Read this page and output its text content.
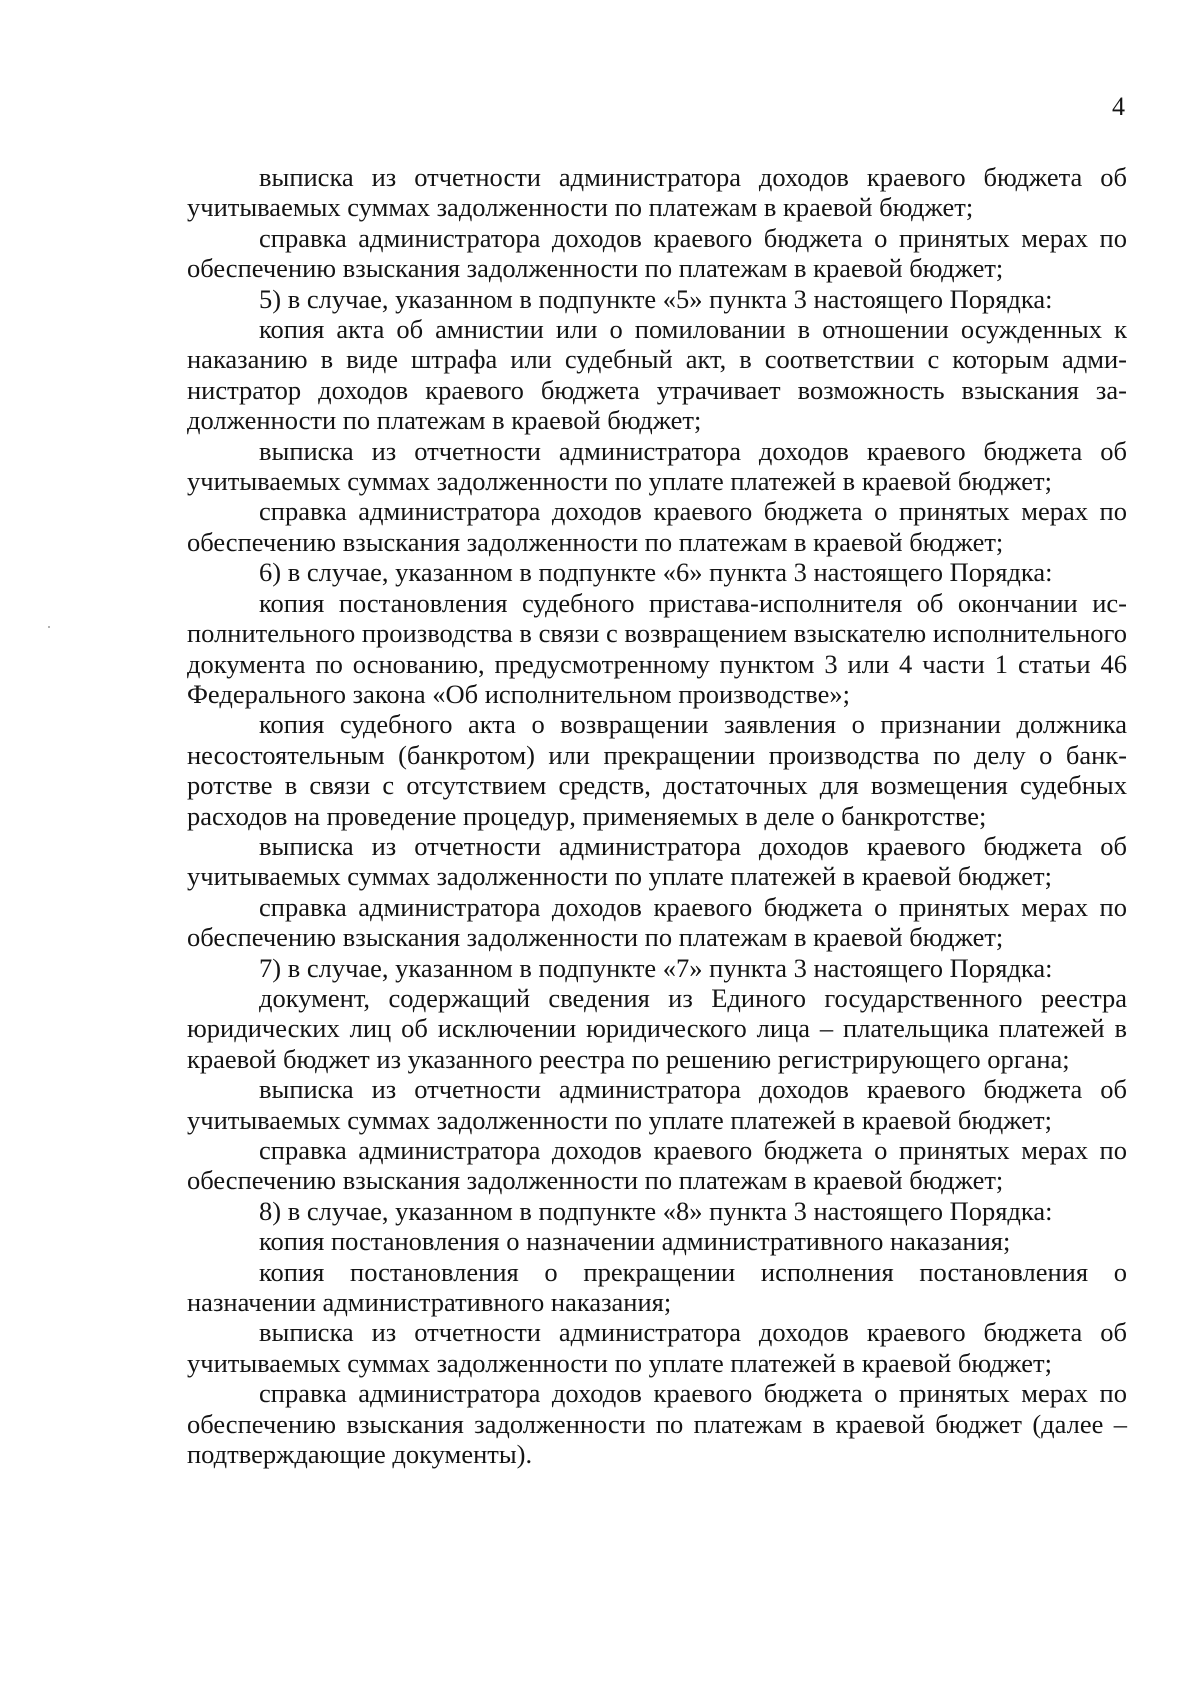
4

выписка из отчетности администратора доходов краевого бюджета об учитываемых суммах задолженности по платежам в краевой бюджет;

справка администратора доходов краевого бюджета о принятых мерах по обеспечению взыскания задолженности по платежам в краевой бюджет;

5) в случае, указанном в подпункте «5» пункта 3 настоящего Порядка:

копия акта об амнистии или о помиловании в отношении осужденных к наказанию в виде штрафа или судебный акт, в соответствии с которым администратор доходов краевого бюджета утрачивает возможность взыскания задолженности по платежам в краевой бюджет;

выписка из отчетности администратора доходов краевого бюджета об учитываемых суммах задолженности по уплате платежей в краевой бюджет;

справка администратора доходов краевого бюджета о принятых мерах по обеспечению взыскания задолженности по платежам в краевой бюджет;

6) в случае, указанном в подпункте «6» пункта 3 настоящего Порядка:

копия постановления судебного пристава-исполнителя об окончании исполнительного производства в связи с возвращением взыскателю исполнительного документа по основанию, предусмотренному пунктом 3 или 4 части 1 статьи 46 Федерального закона «Об исполнительном производстве»;

копия судебного акта о возвращении заявления о признании должника несостоятельным (банкротом) или прекращении производства по делу о банкротстве в связи с отсутствием средств, достаточных для возмещения судебных расходов на проведение процедур, применяемых в деле о банкротстве;

выписка из отчетности администратора доходов краевого бюджета об учитываемых суммах задолженности по уплате платежей в краевой бюджет;

справка администратора доходов краевого бюджета о принятых мерах по обеспечению взыскания задолженности по платежам в краевой бюджет;

7) в случае, указанном в подпункте «7» пункта 3 настоящего Порядка:

документ, содержащий сведения из Единого государственного реестра юридических лиц об исключении юридического лица – плательщика платежей в краевой бюджет из указанного реестра по решению регистрирующего органа;

выписка из отчетности администратора доходов краевого бюджета об учитываемых суммах задолженности по уплате платежей в краевой бюджет;

справка администратора доходов краевого бюджета о принятых мерах по обеспечению взыскания задолженности по платежам в краевой бюджет;

8) в случае, указанном в подпункте «8» пункта 3 настоящего Порядка:

копия постановления о назначении административного наказания;

копия постановления о прекращении исполнения постановления о назначении административного наказания;

выписка из отчетности администратора доходов краевого бюджета об учитываемых суммах задолженности по уплате платежей в краевой бюджет;

справка администратора доходов краевого бюджета о принятых мерах по обеспечению взыскания задолженности по платежам в краевой бюджет (далее – подтверждающие документы).
